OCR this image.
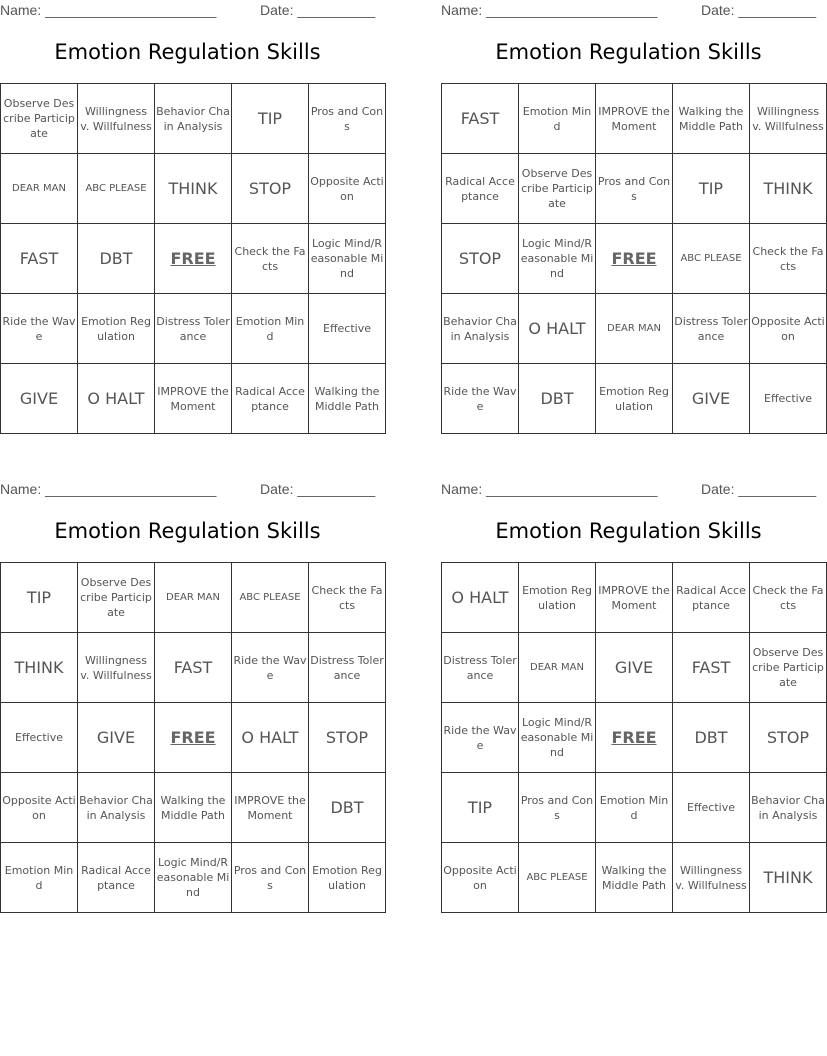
Name: ______________________	Date: __________
Emotion Regulation Skills
Observe Describe Participate	Willingness v. Willfulness	Behavior Chain Analysis	TIP	Pros and Cons
DEAR MAN	ABC PLEASE	THINK	STOP	Opposite Action
FAST	DBT	FREE	Check the Facts	Logic Mind/Reasonable Mind
Ride the Wave	Emotion Regulation	Distress Tolerance	Emotion Mind	Effective
GIVE	O HALT	IMPROVE the Moment	Radical Acceptance	Walking the Middle Path
Name: ______________________	Date: __________
Emotion Regulation Skills
FAST	Emotion Mind	IMPROVE the Moment	Walking the Middle Path	Willingness v. Willfulness
Radical Acceptance	Observe Describe Participate	Pros and Cons	TIP	THINK
STOP	Logic Mind/Reasonable Mind	FREE	ABC PLEASE	Check the Facts
Behavior Chain Analysis	O HALT	DEAR MAN	Distress Tolerance	Opposite Action
Ride the Wave	DBT	Emotion Regulation	GIVE	Effective
Name: ______________________	Date: __________
Emotion Regulation Skills
TIP	Observe Describe Participate	DEAR MAN	ABC PLEASE	Check the Facts
THINK	Willingness v. Willfulness	FAST	Ride the Wave	Distress Tolerance
Effective	GIVE	FREE	O HALT	STOP
Opposite Action	Behavior Chain Analysis	Walking the Middle Path	IMPROVE the Moment	DBT
Emotion Mind	Radical Acceptance	Logic Mind/Reasonable Mind	Pros and Cons	Emotion Regulation
Name: ______________________	Date: __________
Emotion Regulation Skills
O HALT	Emotion Regulation	IMPROVE the Moment	Radical Acceptance	Check the Facts
Distress Tolerance	DEAR MAN	GIVE	FAST	Observe Describe Participate
Ride the Wave	Logic Mind/Reasonable Mind	FREE	DBT	STOP
TIP	Pros and Cons	Emotion Mind	Effective	Behavior Chain Analysis
Opposite Action	ABC PLEASE	Walking the Middle Path	Willingness v. Willfulness	THINK
